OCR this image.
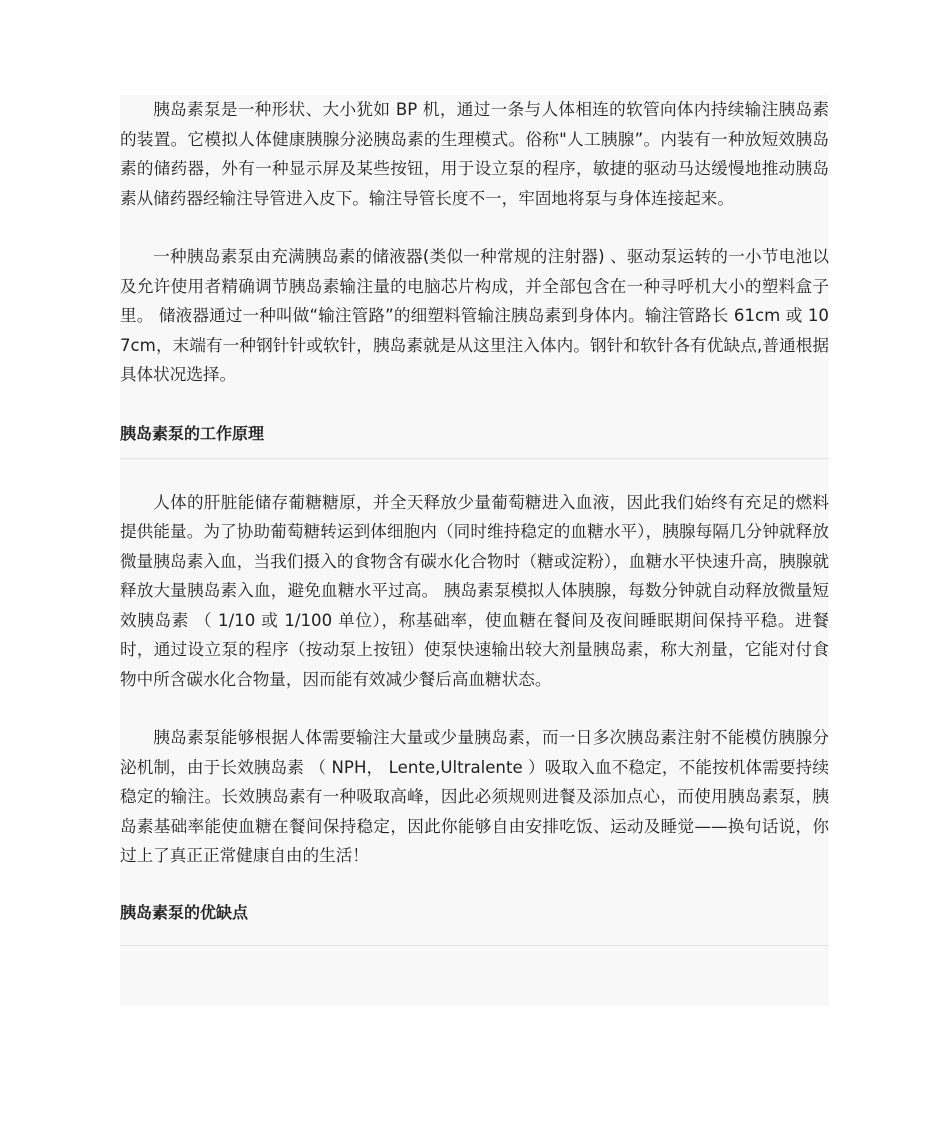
胰岛素泵是一种形状、大小犹如 BP 机，通过一条与人体相连的软管向体内持续输注胰岛素的装置。它模拟人体健康胰腺分泌胰岛素的生理模式。俗称"人工胰腺”。内装有一种放短效胰岛素的储药器，外有一种显示屏及某些按钮，用于设立泵的程序，敏捷的驱动马达缓慢地推动胰岛素从储药器经输注导管进入皮下。输注导管长度不一，牢固地将泵与身体连接起来。

一种胰岛素泵由充满胰岛素的储液器(类似一种常规的注射器) 、驱动泵运转的一小节电池以及允许使用者精确调节胰岛素输注量的电脑芯片构成，并全部包含在一种寻呼机大小的塑料盒子里。 储液器通过一种叫做“输注管路”的细塑料管输注胰岛素到身体内。输注管路长 61cm 或 107cm，末端有一种钢针针或软针，胰岛素就是从这里注入体内。钢针和软针各有优缺点,普通根据具体状况选择。

胰岛素泵的工作原理

人体的肝脏能储存葡糖糖原，并全天释放少量葡萄糖进入血液，因此我们始终有充足的燃料提供能量。为了协助葡萄糖转运到体细胞内（同时维持稳定的血糖水平），胰腺每隔几分钟就释放微量胰岛素入血，当我们摄入的食物含有碳水化合物时（糖或淀粉），血糖水平快速升高，胰腺就释放大量胰岛素入血，避免血糖水平过高。 胰岛素泵模拟人体胰腺，每数分钟就自动释放微量短效胰岛素 （ 1/10 或 1/100 单位），称基础率，使血糖在餐间及夜间睡眠期间保持平稳。进餐时，通过设立泵的程序（按动泵上按钮）使泵快速输出较大剂量胰岛素，称大剂量，它能对付食物中所含碳水化合物量，因而能有效减少餐后高血糖状态。

胰岛素泵能够根据人体需要输注大量或少量胰岛素，而一日多次胰岛素注射不能模仿胰腺分泌机制，由于长效胰岛素 （ NPH， Lente,Ultralente ）吸取入血不稳定，不能按机体需要持续稳定的输注。长效胰岛素有一种吸取高峰，因此必须规则进餐及添加点心，而使用胰岛素泵，胰岛素基础率能使血糖在餐间保持稳定，因此你能够自由安排吃饭、运动及睡觉——换句话说，你过上了真正正常健康自由的生活！

胰岛素泵的优缺点
